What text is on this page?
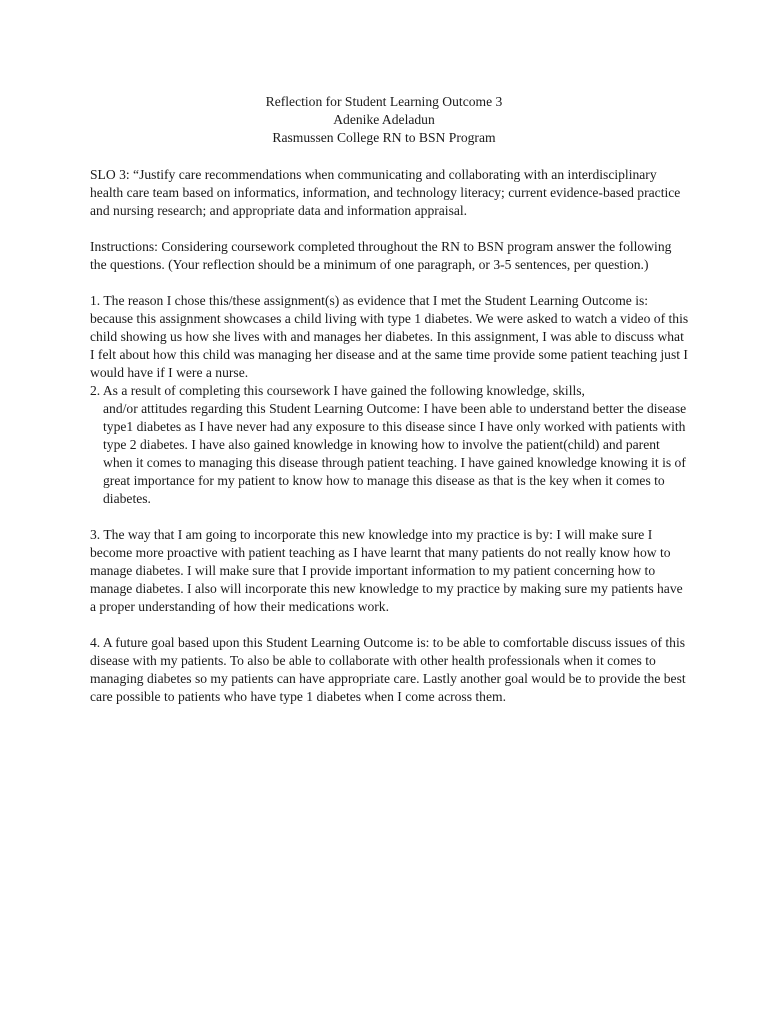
Reflection for Student Learning Outcome 3
Adenike Adeladun
Rasmussen College RN to BSN Program

SLO 3: “Justify care recommendations when communicating and collaborating with an interdisciplinary health care team based on informatics, information, and technology literacy; current evidence-based practice and nursing research; and appropriate data and information appraisal.

Instructions: Considering coursework completed throughout the RN to BSN program answer the following the questions. (Your reflection should be a minimum of one paragraph, or 3-5 sentences, per question.)

1. The reason I chose this/these assignment(s) as evidence that I met the Student Learning Outcome is: because this assignment showcases a child living with type 1 diabetes. We were asked to watch a video of this child showing us how she lives with and manages her diabetes. In this assignment, I was able to discuss what I felt about how this child was managing her disease and at the same time provide some patient teaching just I would have if I were a nurse.

2. As a result of completing this coursework I have gained the following knowledge, skills,

and/or attitudes regarding this Student Learning Outcome: I have been able to understand better the disease type1 diabetes as I have never had any exposure to this disease since I have only worked with patients with type 2 diabetes. I have also gained knowledge in knowing how to involve the patient(child) and parent when it comes to managing this disease through patient teaching. I have gained knowledge knowing it is of great importance for my patient to know how to manage this disease as that is the key when it comes to diabetes.

3. The way that I am going to incorporate this new knowledge into my practice is by: I will make sure I become more proactive with patient teaching as I have learnt that many patients do not really know how to manage diabetes. I will make sure that I provide important information to my patient concerning how to manage diabetes. I also will incorporate this new knowledge to my practice by making sure my patients have a proper understanding of how their medications work.

4. A future goal based upon this Student Learning Outcome is: to be able to comfortable discuss issues of this disease with my patients. To also be able to collaborate with other health professionals when it comes to managing diabetes so my patients can have appropriate care. Lastly another goal would be to provide the best care possible to patients who have type 1 diabetes when I come across them.
